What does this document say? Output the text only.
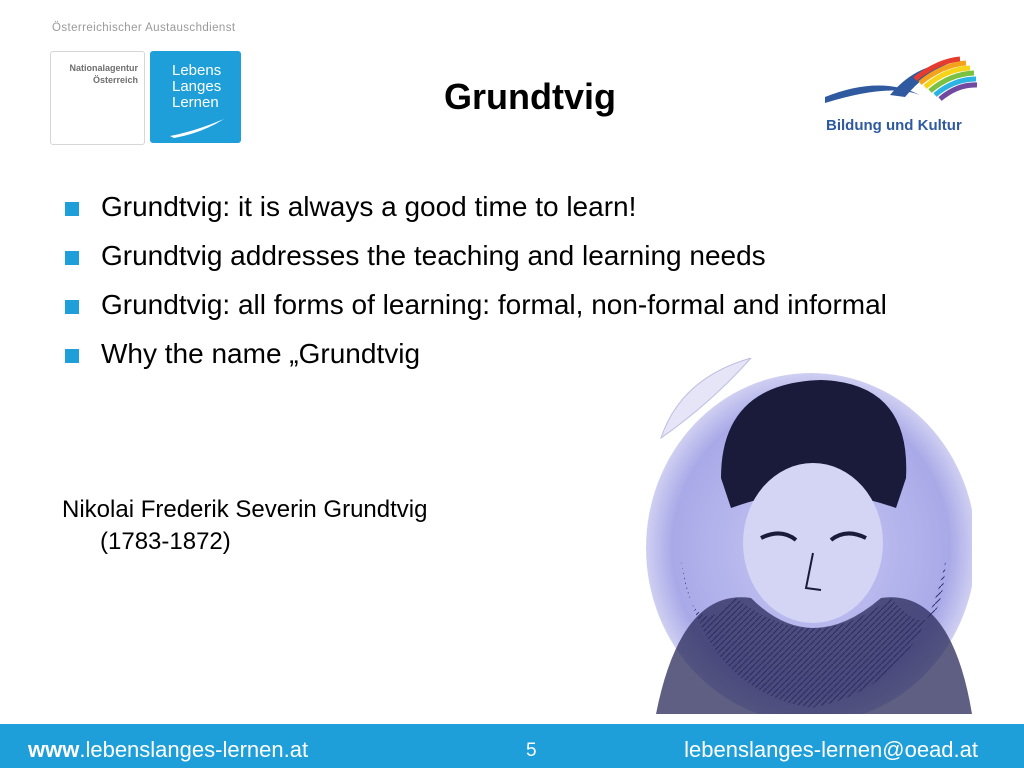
Österreichischer Austauschdienst
Nationalagentur
Österreich
Lebens
Langes
Lernen	Grundtvig
Bildung und Kultur
Grundtvig: it is always a good time to learn!
Grundtvig addresses the teaching and learning needs
Grundtvig: all forms of learning: formal, non-formal and informal
Why the name „Grundtvig
Nikolai Frederik Severin Grundtvig
(1783-1872)
www.lebenslanges-lernen.at	5	lebenslanges-lernen@oead.at
